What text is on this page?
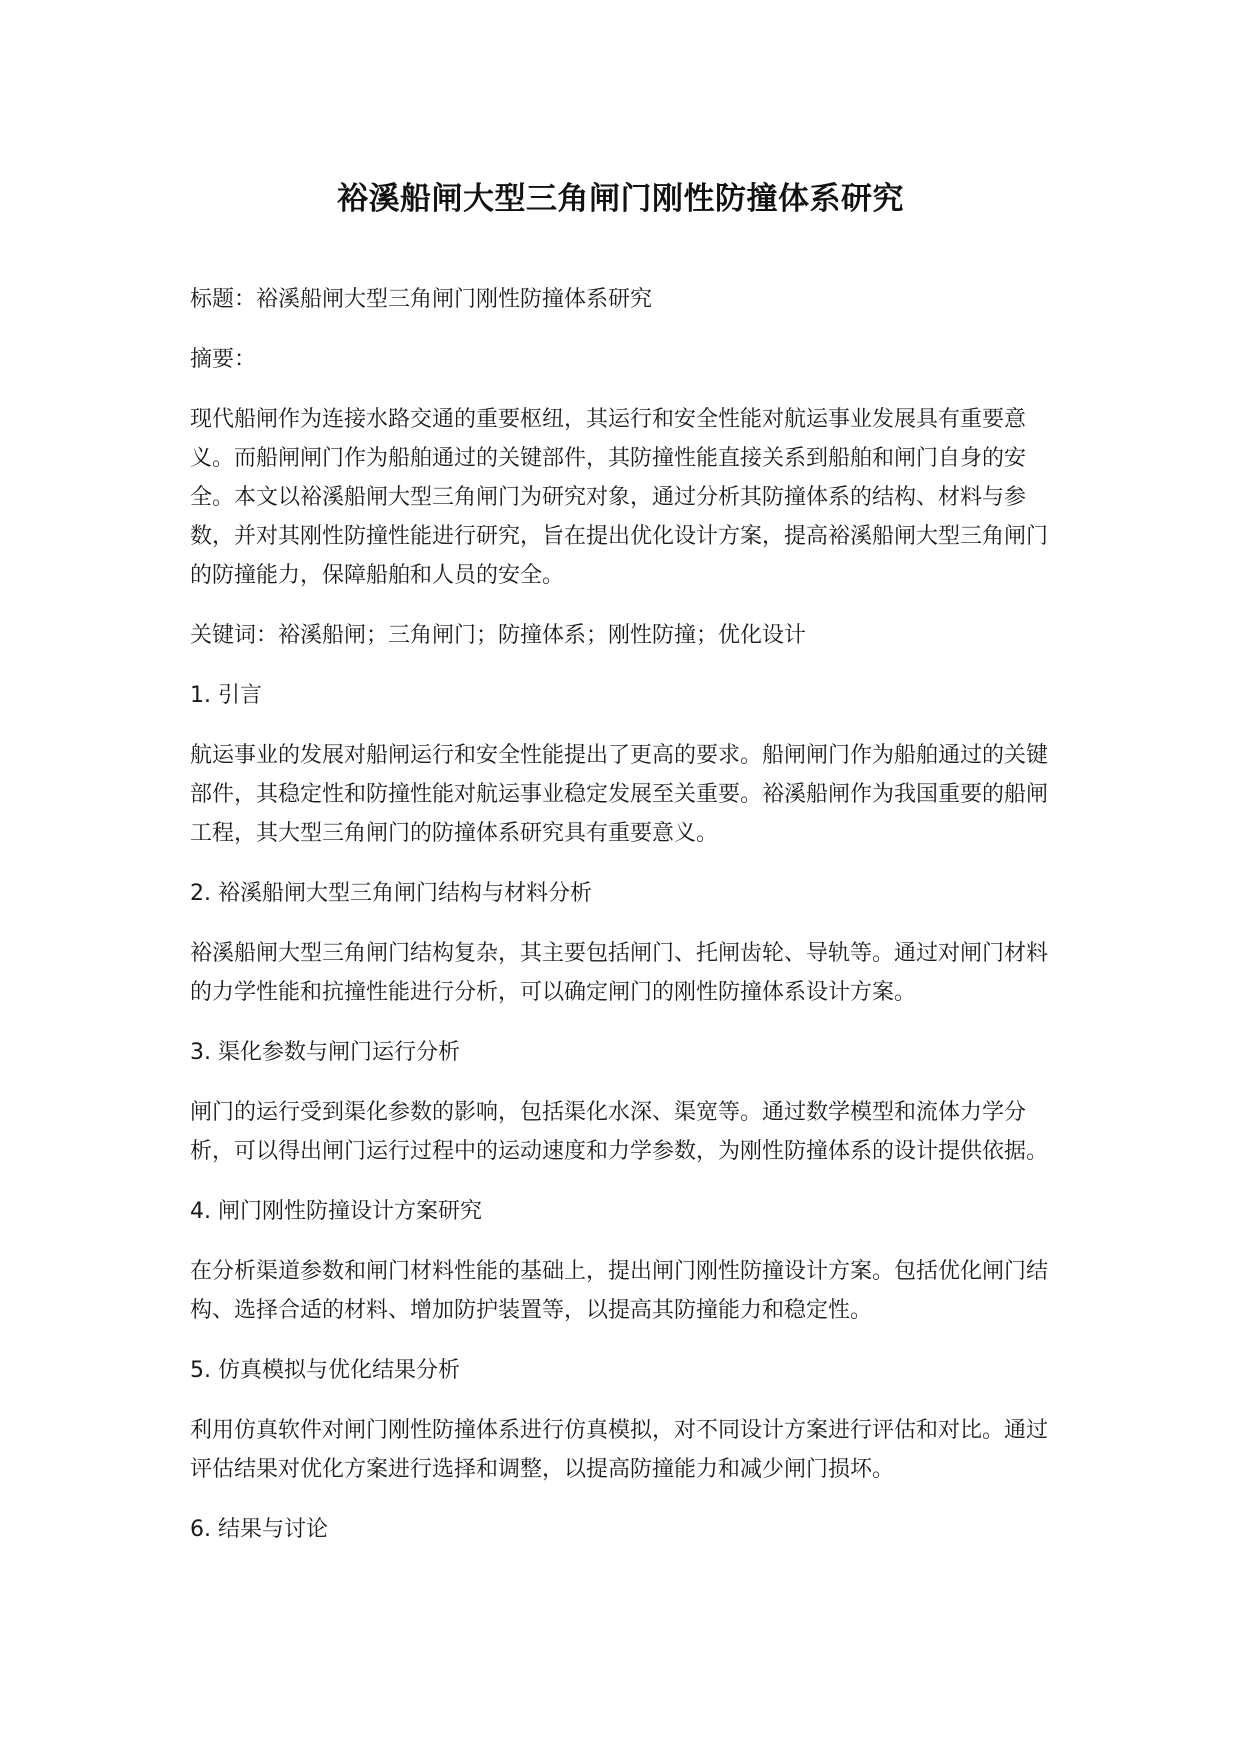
裕溪船闸大型三角闸门刚性防撞体系研究

标题：裕溪船闸大型三角闸门刚性防撞体系研究

摘要：

现代船闸作为连接水路交通的重要枢纽，其运行和安全性能对航运事业发展具有重要意义。而船闸闸门作为船舶通过的关键部件，其防撞性能直接关系到船舶和闸门自身的安全。本文以裕溪船闸大型三角闸门为研究对象，通过分析其防撞体系的结构、材料与参数，并对其刚性防撞性能进行研究，旨在提出优化设计方案，提高裕溪船闸大型三角闸门的防撞能力，保障船舶和人员的安全。

关键词：裕溪船闸；三角闸门；防撞体系；刚性防撞；优化设计

1. 引言

航运事业的发展对船闸运行和安全性能提出了更高的要求。船闸闸门作为船舶通过的关键部件，其稳定性和防撞性能对航运事业稳定发展至关重要。裕溪船闸作为我国重要的船闸工程，其大型三角闸门的防撞体系研究具有重要意义。

2. 裕溪船闸大型三角闸门结构与材料分析

裕溪船闸大型三角闸门结构复杂，其主要包括闸门、托闸齿轮、导轨等。通过对闸门材料的力学性能和抗撞性能进行分析，可以确定闸门的刚性防撞体系设计方案。

3. 渠化参数与闸门运行分析

闸门的运行受到渠化参数的影响，包括渠化水深、渠宽等。通过数学模型和流体力学分析，可以得出闸门运行过程中的运动速度和力学参数，为刚性防撞体系的设计提供依据。

4. 闸门刚性防撞设计方案研究

在分析渠道参数和闸门材料性能的基础上，提出闸门刚性防撞设计方案。包括优化闸门结构、选择合适的材料、增加防护装置等，以提高其防撞能力和稳定性。

5. 仿真模拟与优化结果分析

利用仿真软件对闸门刚性防撞体系进行仿真模拟，对不同设计方案进行评估和对比。通过评估结果对优化方案进行选择和调整，以提高防撞能力和减少闸门损坏。

6. 结果与讨论
